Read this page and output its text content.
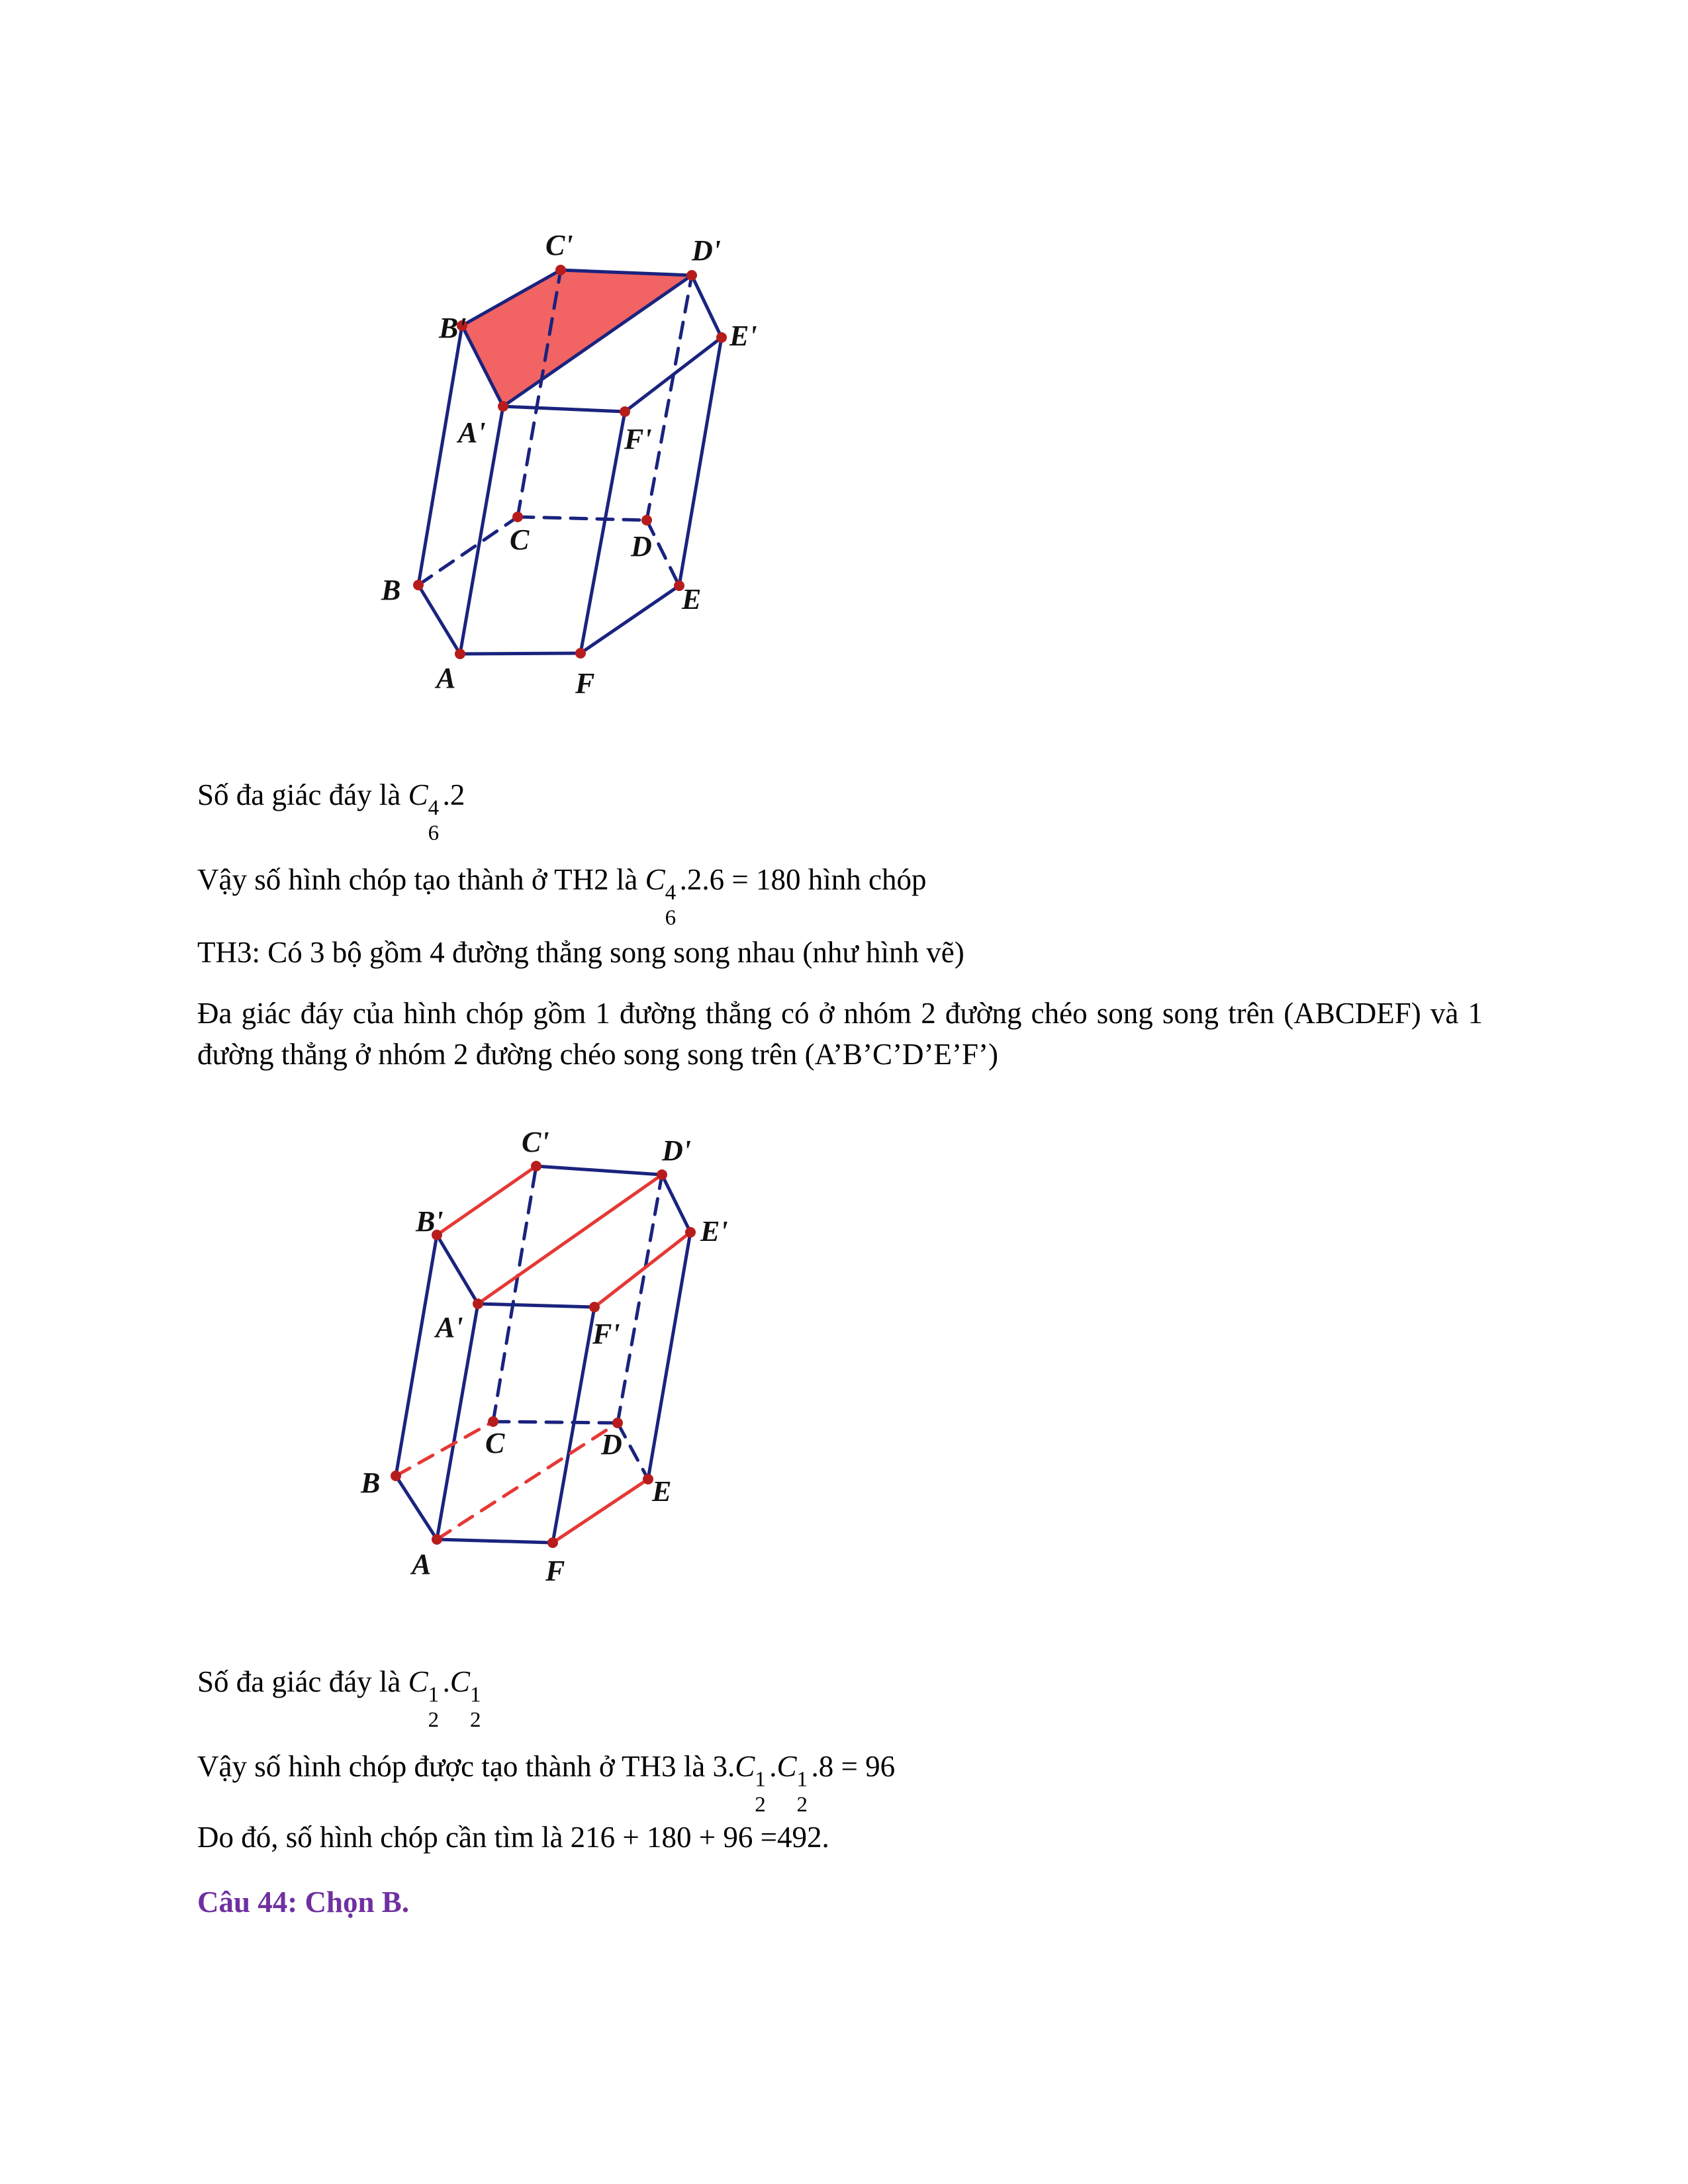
C'	D'
B'	E'
A'	F'
C	D
B	E
A	F

Số đa giác đáy là C 4
6
.2

Vậy số hình chóp tạo thành ở TH2 là C 4
6
.2.6 = 180 hình chóp

TH3: Có 3 bộ gồm 4 đường thẳng song song nhau (như hình vẽ)

Đa giác đáy của hình chóp gồm 1 đường thẳng có ở nhóm 2 đường chéo song song trên (ABCDEF) và 1 đường thẳng ở nhóm 2 đường chéo song song trên (A’B’C’D’E’F’)

C'	D'
B'	E'
A'	F'
C	D
B	E
A	F

Số đa giác đáy là C 1
2
.C 1
2

Vậy số hình chóp được tạo thành ở TH3 là 3.C 1
2
.C 1
2
.8 = 96

Do đó, số hình chóp cần tìm là 216 + 180 + 96 =492.

Câu 44: Chọn B.
